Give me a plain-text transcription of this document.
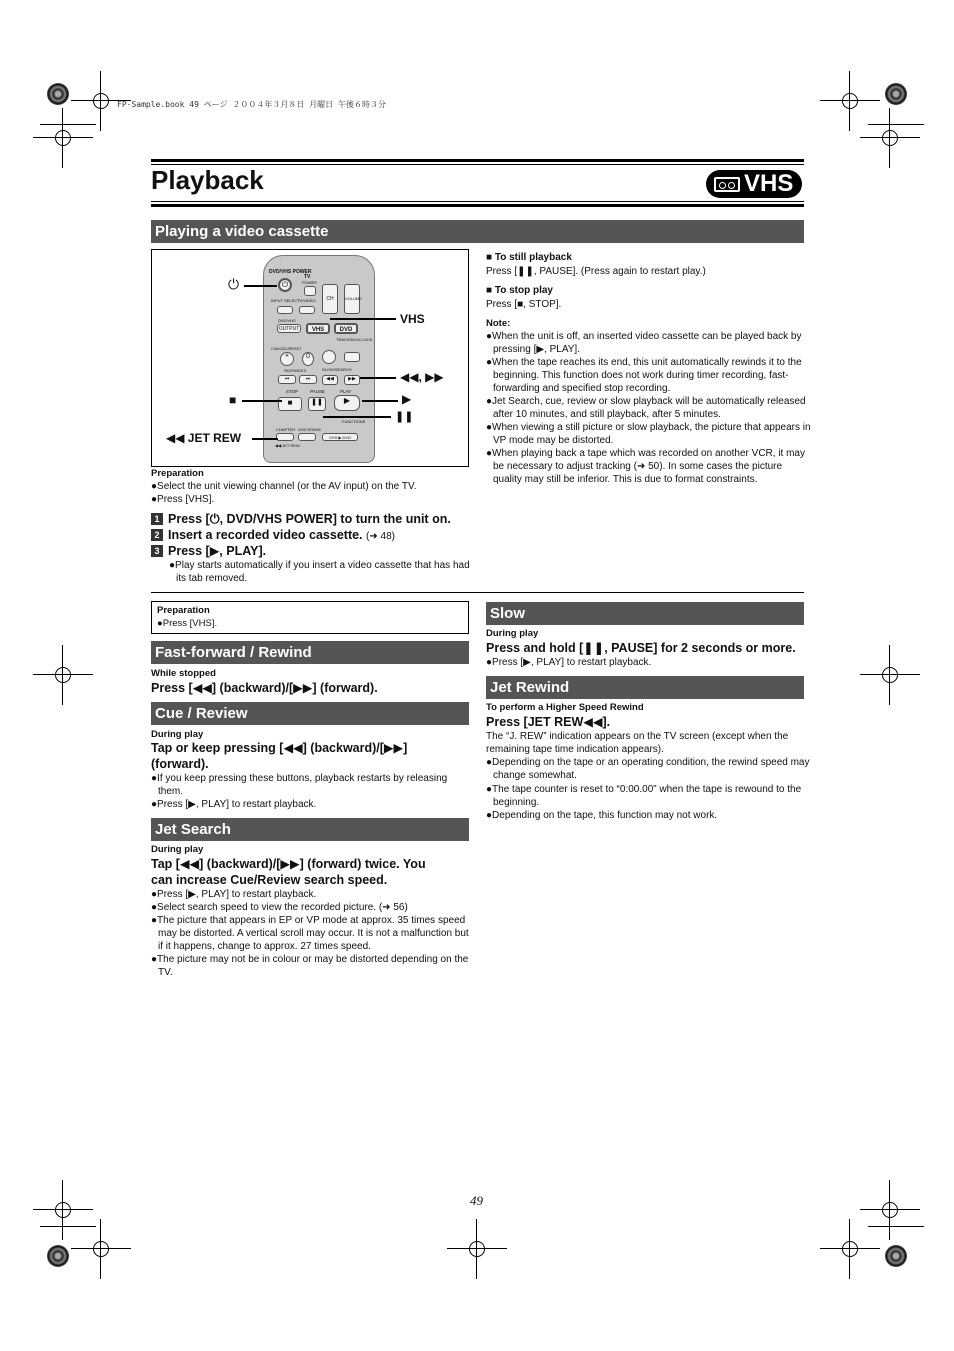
FP-Sample.book 49 ページ ２００４年３月８日 月曜日 午後６時３分
Playback	VHS
Playing a video cassette
DVD/VHS POWER
TV
POWER
⏻
CH	$_{VOLUME}$
INPUT SELECT
TV/VIDEO
DVD/VHS
OUTPUT	VHS	DVD
CANCEL/RESET
TRACKING/V-LOCK
✳	0
SKIP/INDEX	SLOW/SEARCH
⏮	⏭	◀◀	▶▶
STOP	PAUSE	PLAY
■	❚❚	▶
FUNCTIONS
CHAPTER DVD ERASE
VHS ▶ DVD
◀◀ JET REW
⏻
VHS
◀◀, ▶▶
■	▶
❚❚
◀◀ JET REW
Preparation
●Select the unit viewing channel (or the AV input) on the TV.
●Press [VHS].
1 Press [⏻, DVD/VHS POWER] to turn the unit on.
2 Insert a recorded video cassette. (➜ 48)
3 Press [▶, PLAY].
●Play starts automatically if you insert a video cassette that has had its tab removed.
■ To still playback
Press [❚❚, PAUSE]. (Press again to restart play.)
■ To stop play
Press [■, STOP].
Note:
●When the unit is off, an inserted video cassette can be played back by pressing [▶, PLAY].
●When the tape reaches its end, this unit automatically rewinds it to the beginning. This function does not work during timer recording, fast-forwarding and specified stop recording.
●Jet Search, cue, review or slow playback will be automatically released after 10 minutes, and still playback, after 5 minutes.
●When viewing a still picture or slow playback, the picture that appears in VP mode may be distorted.
●When playing back a tape which was recorded on another VCR, it may be necessary to adjust tracking (➜ 50). In some cases the picture quality may still be inferior. This is due to format constraints.
Preparation
●Press [VHS].
Fast-forward / Rewind
While stopped
Press [◀◀] (backward)/[▶▶] (forward).
Cue / Review
During play
Tap or keep pressing [◀◀] (backward)/[▶▶]
(forward).
●If you keep pressing these buttons, playback restarts by releasing them.
●Press [▶, PLAY] to restart playback.
Jet Search
During play
Tap [◀◀] (backward)/[▶▶] (forward) twice. You
can increase Cue/Review search speed.
●Press [▶, PLAY] to restart playback.
●Select search speed to view the recorded picture. (➜ 56)
●The picture that appears in EP or VP mode at approx. 35 times speed may be distorted. A vertical scroll may occur. It is not a malfunction but if it happens, change to approx. 27 times speed.
●The picture may not be in colour or may be distorted depending on the TV.
Slow
During play
Press and hold [❚❚, PAUSE] for 2 seconds or more.
●Press [▶, PLAY] to restart playback.
Jet Rewind
To perform a Higher Speed Rewind
Press [JET REW◀◀].
The “J. REW” indication appears on the TV screen (except when the remaining tape time indication appears).
●Depending on the tape or an operating condition, the rewind speed may change somewhat.
●The tape counter is reset to “0:00.00” when the tape is rewound to the beginning.
●Depending on the tape, this function may not work.
49
